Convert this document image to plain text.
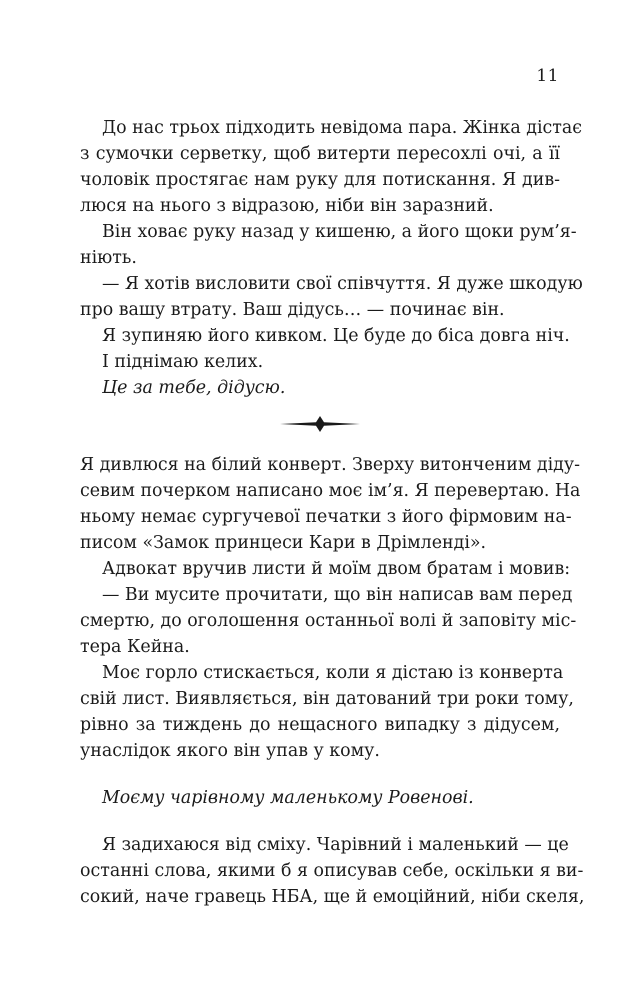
11
До нас трьох підходить невідома пара. Жінка дістає
з сумочки серветку, щоб витерти пересохлі очі, а її
чоловік простягає нам руку для потискання. Я див-
люся на нього з відразою, ніби він заразний.
Він ховає руку назад у кишеню, а його щоки рум’я-
ніють.
— Я хотів висловити свої співчуття. Я дуже шкодую
про вашу втрату. Ваш дідусь… — починає він.
Я зупиняю його кивком. Це буде до біса довга ніч.
І піднімаю келих.
Це за тебе, дідусю.
Я дивлюся на білий конверт. Зверху витонченим діду-
севим почерком написано моє ім’я. Я перевертаю. На
ньому немає сургучевої печатки з його фірмовим на-
писом «Замок принцеси Кари в Дрімленді».
Адвокат вручив листи й моїм двом братам і мовив:
— Ви мусите прочитати, що він написав вам перед
смертю, до оголошення останньої волі й заповіту міс-
тера Кейна.
Моє горло стискається, коли я дістаю із конверта
свій лист. Виявляється, він датований три роки тому,
рівно за тиждень до нещасного випадку з дідусем,
унаслідок якого він упав у кому.
Моєму чарівному маленькому Ровенові.
Я задихаюся від сміху. Чарівний і маленький — це
останні слова, якими б я описував себе, оскільки я ви-
сокий, наче гравець НБА, ще й емоційний, ніби скеля,
